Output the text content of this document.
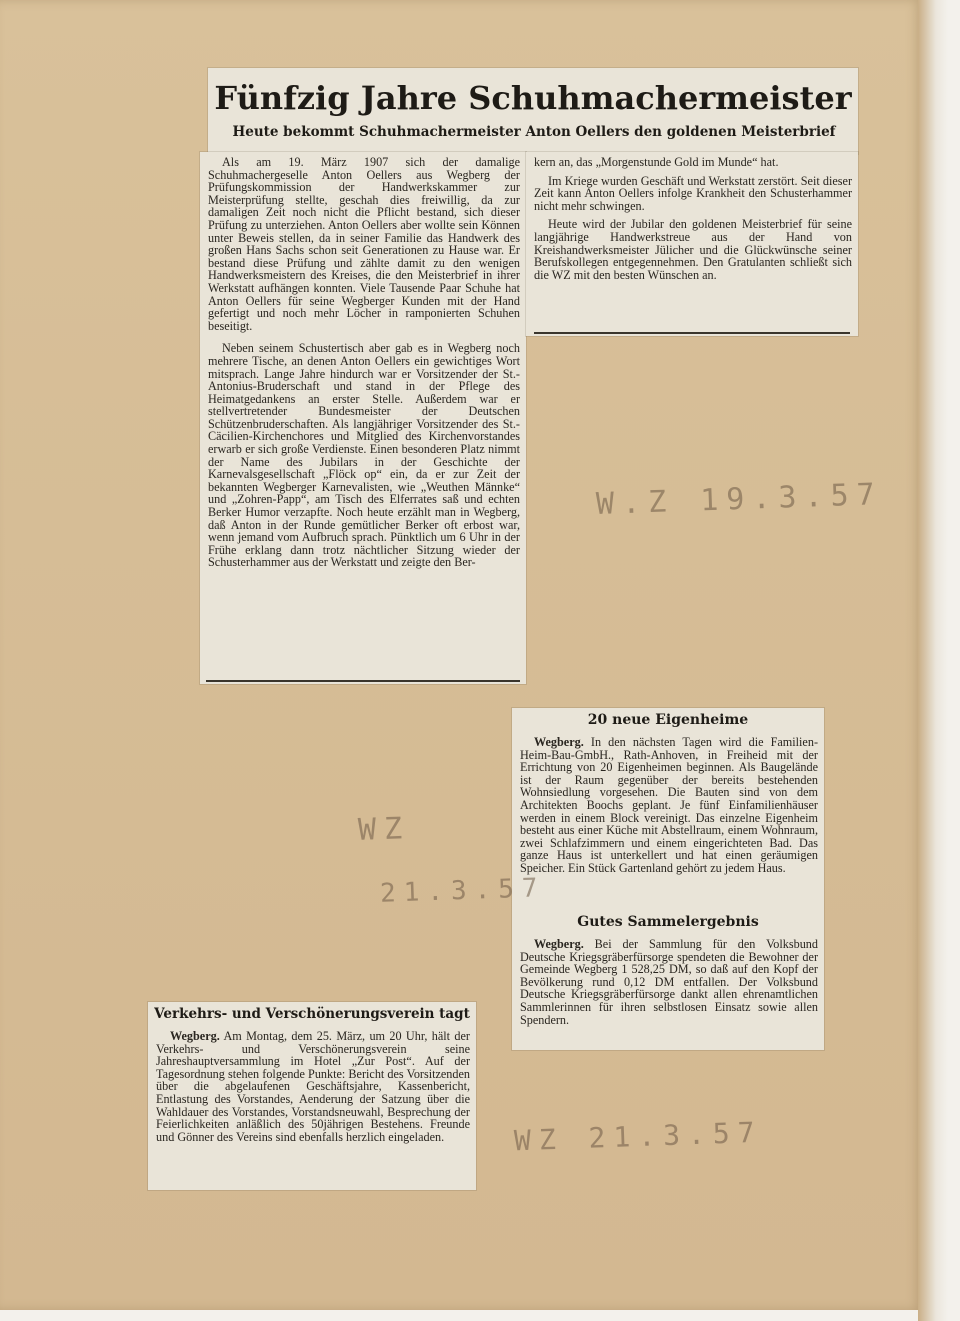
Fünfzig Jahre Schuhmachermeister
Heute bekommt Schuhmachermeister Anton Oellers den goldenen Meisterbrief

Als am 19. März 1907 sich der damalige Schuhmachergeselle Anton Oellers aus Wegberg der Prüfungskommission der Handwerkskammer zur Meisterprüfung stellte, geschah dies freiwillig, da zur damaligen Zeit noch nicht die Pflicht bestand, sich dieser Prüfung zu unterziehen. Anton Oellers aber wollte sein Können unter Beweis stellen, da in seiner Familie das Handwerk des großen Hans Sachs schon seit Generationen zu Hause war. Er bestand diese Prüfung und zählte damit zu den wenigen Handwerksmeistern des Kreises, die den Meisterbrief in ihrer Werkstatt aufhängen konnten. Viele Tausende Paar Schuhe hat Anton Oellers für seine Wegberger Kunden mit der Hand gefertigt und noch mehr Löcher in ramponierten Schuhen beseitigt.

Neben seinem Schustertisch aber gab es in Wegberg noch mehrere Tische, an denen Anton Oellers ein gewichtiges Wort mitsprach. Lange Jahre hindurch war er Vorsitzender der St.-Antonius-Bruderschaft und stand in der Pflege des Heimatgedankens an erster Stelle. Außerdem war er stellvertretender Bundesmeister der Deutschen Schützenbruderschaften. Als langjähriger Vorsitzender des St.-Cäcilien-Kirchenchores und Mitglied des Kirchenvorstandes erwarb er sich große Verdienste. Einen besonderen Platz nimmt der Name des Jubilars in der Geschichte der Karnevalsgesellschaft „Flöck op“ ein, da er zur Zeit der bekannten Wegberger Karnevalisten, wie „Weuthen Männke“ und „Zohren-Papp“, am Tisch des Elferrates saß und echten Berker Humor verzapfte. Noch heute erzählt man in Wegberg, daß Anton in der Runde gemütlicher Berker oft erbost war, wenn jemand vom Aufbruch sprach. Pünktlich um 6 Uhr in der Frühe erklang dann trotz nächtlicher Sitzung wieder der Schusterhammer aus der Werkstatt und zeigte den Ber-

kern an, das „Morgenstunde Gold im Munde“ hat.

Im Kriege wurden Geschäft und Werkstatt zerstört. Seit dieser Zeit kann Anton Oellers infolge Krankheit den Schusterhammer nicht mehr schwingen.

Heute wird der Jubilar den goldenen Meisterbrief für seine langjährige Handwerkstreue aus der Hand von Kreishandwerksmeister Jülicher und die Glückwünsche seiner Berufskollegen entgegennehmen. Den Gratulanten schließt sich die WZ mit den besten Wünschen an.

20 neue Eigenheime

Wegberg. In den nächsten Tagen wird die Familien-Heim-Bau-GmbH., Rath-Anhoven, in Freiheid mit der Errichtung von 20 Eigenheimen beginnen. Als Baugelände ist der Raum gegenüber der bereits bestehenden Wohnsiedlung vorgesehen. Die Bauten sind von dem Architekten Boochs geplant. Je fünf Einfamilienhäuser werden in einem Block vereinigt. Das einzelne Eigenheim besteht aus einer Küche mit Abstellraum, einem Wohnraum, zwei Schlafzimmern und einem eingerichteten Bad. Das ganze Haus ist unterkellert und hat einen geräumigen Speicher. Ein Stück Gartenland gehört zu jedem Haus.

Gutes Sammelergebnis

Wegberg. Bei der Sammlung für den Volksbund Deutsche Kriegsgräberfürsorge spendeten die Bewohner der Gemeinde Wegberg 1 528,25 DM, so daß auf den Kopf der Bevölkerung rund 0,12 DM entfallen. Der Volksbund Deutsche Kriegsgräberfürsorge dankt allen ehrenamtlichen Sammlerinnen für ihren selbstlosen Einsatz sowie allen Spendern.

Verkehrs- und Verschönerungsverein tagt

Wegberg. Am Montag, dem 25. März, um 20 Uhr, hält der Verkehrs- und Verschönerungsverein seine Jahreshauptversammlung im Hotel „Zur Post“. Auf der Tagesordnung stehen folgende Punkte: Bericht des Vorsitzenden über die abgelaufenen Geschäftsjahre, Kassenbericht, Entlastung des Vorstandes, Aenderung der Satzung über die Wahldauer des Vorstandes, Vorstandsneuwahl, Besprechung der Feierlichkeiten anläßlich des 50jährigen Bestehens. Freunde und Gönner des Vereins sind ebenfalls herzlich eingeladen.

W.Z 19.3.57
WZ
21.3.57
WZ 21.3.57
